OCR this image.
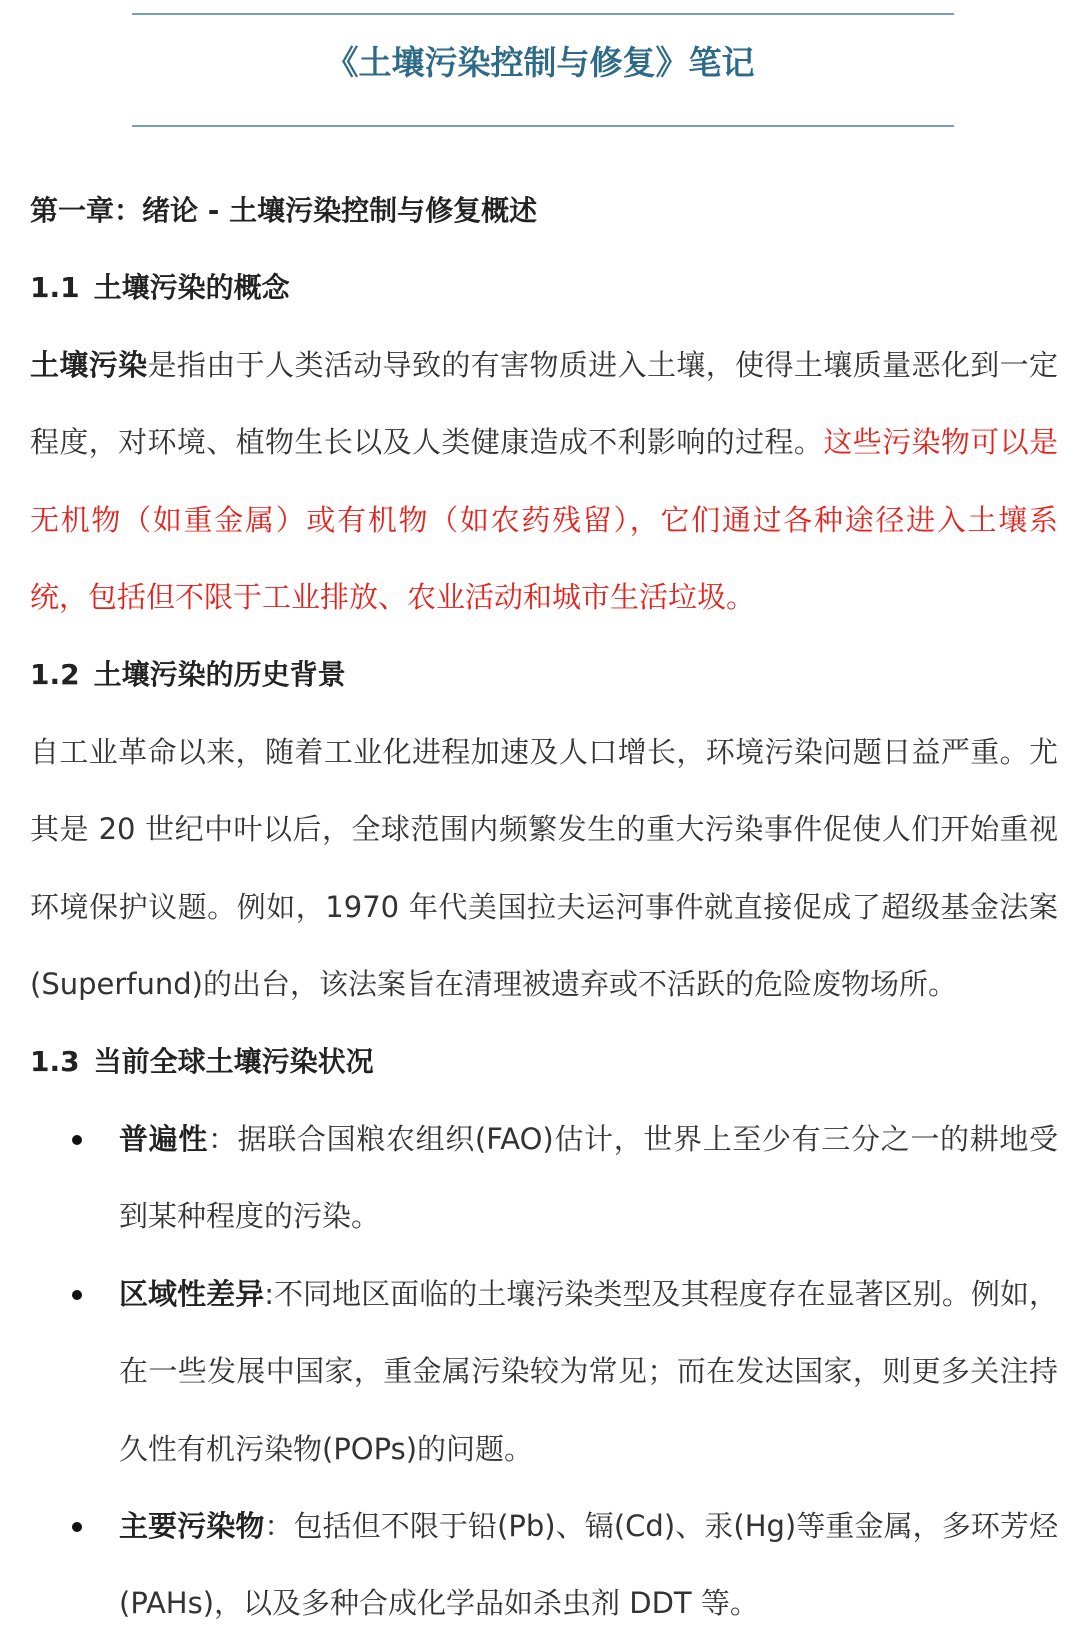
《土壤污染控制与修复》笔记
第一章：绪论 - 土壤污染控制与修复概述
1.1 土壤污染的概念

土壤污染是指由于人类活动导致的有害物质进入土壤，使得土壤质量恶化到一定程度，对环境、植物生长以及人类健康造成不利影响的过程。这些污染物可以是无机物（如重金属）或有机物（如农药残留），它们通过各种途径进入土壤系统，包括但不限于工业排放、农业活动和城市生活垃圾。

1.2 土壤污染的历史背景

自工业革命以来，随着工业化进程加速及人口增长，环境污染问题日益严重。尤其是 20 世纪中叶以后，全球范围内频繁发生的重大污染事件促使人们开始重视环境保护议题。例如，1970 年代美国拉夫运河事件就直接促成了超级基金法案(Superfund)的出台，该法案旨在清理被遗弃或不活跃的危险废物场所。

1.3 当前全球土壤污染状况
普遍性：据联合国粮农组织(FAO)估计，世界上至少有三分之一的耕地受到某种程度的污染。
区域性差异:不同地区面临的土壤污染类型及其程度存在显著区别。例如，在一些发展中国家，重金属污染较为常见；而在发达国家，则更多关注持久性有机污染物(POPs)的问题。
主要污染物：包括但不限于铅(Pb)、镉(Cd)、汞(Hg)等重金属，多环芳烃(PAHs)，以及多种合成化学品如杀虫剂 DDT 等。
